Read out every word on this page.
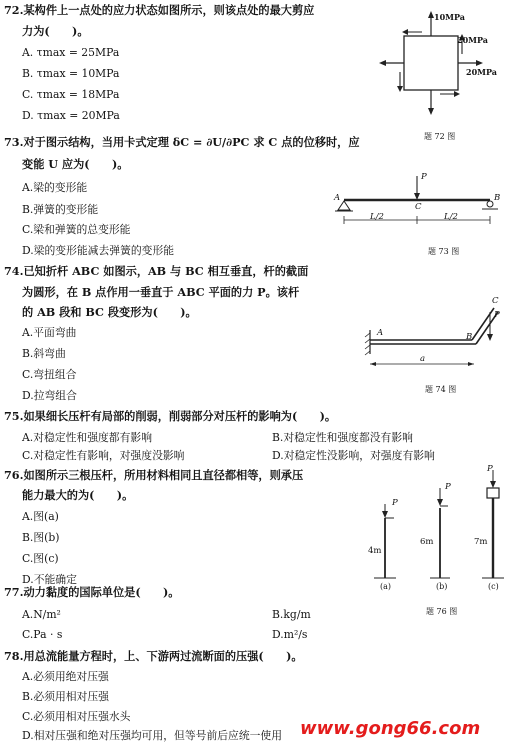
72.某构件上一点处的应力状态如图所示，则该点处的最大剪应
力为(　　)。
A. τmax = 25MPa
B. τmax = 10MPa
C. τmax = 18MPa
D. τmax = 20MPa
10MPa
20MPa
20MPa
题 72 图
73.对于图示结构，当用卡式定理 δC = ∂U/∂PC 求 C 点的位移时，应
变能 U 应为(　　)。
A.梁的变形能
B.弹簧的变形能
C.梁和弹簧的总变形能
D.梁的变形能减去弹簧的变形能
P
A
C
B
L/2	L/2
题 73 图
74.已知折杆 ABC 如图示，AB 与 BC 相互垂直，杆的截面
为圆形，在 B 点作用一垂直于 ABC 平面的力 P。该杆
的 AB 段和 BC 段变形为(　　)。
A.平面弯曲
B.斜弯曲
C.弯扭组合
D.拉弯组合
A	B
C
P
a
题 74 图
75.如果细长压杆有局部的削弱，削弱部分对压杆的影响为(　　)。
A.对稳定性和强度都有影响	B.对稳定性和强度都没有影响
C.对稳定性有影响，对强度没影响	D.对稳定性没影响，对强度有影响
76.如图所示三根压杆，所用材料相同且直径都相等，则承压
能力最大的为(　　)。
A.图(a)
B.图(b)
C.图(c)
D.不能确定
P
P
P
4m
6m	7m
(a)	(b)	(c)
题 76 图
77.动力黏度的国际单位是(　　)。
A.N/m²	B.kg/m
C.Pa · s	D.m²/s
78.用总流能量方程时，上、下游两过流断面的压强(　　)。
A.必须用绝对压强
B.必须用相对压强
C.必须用相对压强水头
D.相对压强和绝对压强均可用，但等号前后应统一使用 www.gong66.com
